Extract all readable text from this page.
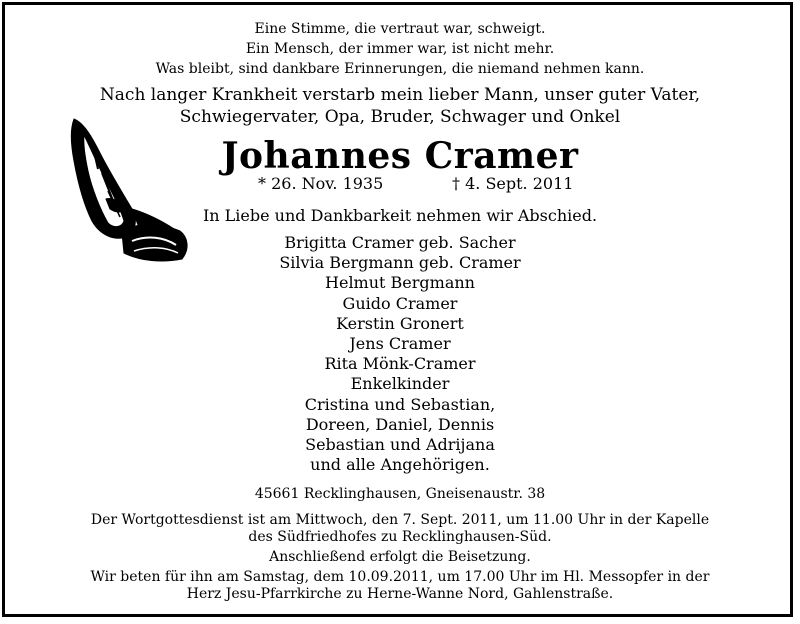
Eine Stimme, die vertraut war, schweigt.
Ein Mensch, der immer war, ist nicht mehr.
Was bleibt, sind dankbare Erinnerungen, die niemand nehmen kann.
Nach langer Krankheit verstarb mein lieber Mann, unser guter Vater,
Schwiegervater, Opa, Bruder, Schwager und Onkel
Johannes Cramer
* 26. Nov. 1935	† 4. Sept. 2011
In Liebe und Dankbarkeit nehmen wir Abschied.
Brigitta Cramer geb. Sacher
Silvia Bergmann geb. Cramer
Helmut Bergmann
Guido Cramer
Kerstin Gronert
Jens Cramer
Rita Mönk-Cramer
Enkelkinder
Cristina und Sebastian,
Doreen, Daniel, Dennis
Sebastian und Adrijana
und alle Angehörigen.
45661 Recklinghausen, Gneisenaustr. 38
Der Wortgottesdienst ist am Mittwoch, den 7. Sept. 2011, um 11.00 Uhr in der Kapelle
des Südfriedhofes zu Recklinghausen-Süd.
Anschließend erfolgt die Beisetzung.
Wir beten für ihn am Samstag, dem 10.09.2011, um 17.00 Uhr im Hl. Messopfer in der
Herz Jesu-Pfarrkirche zu Herne-Wanne Nord, Gahlenstraße.
